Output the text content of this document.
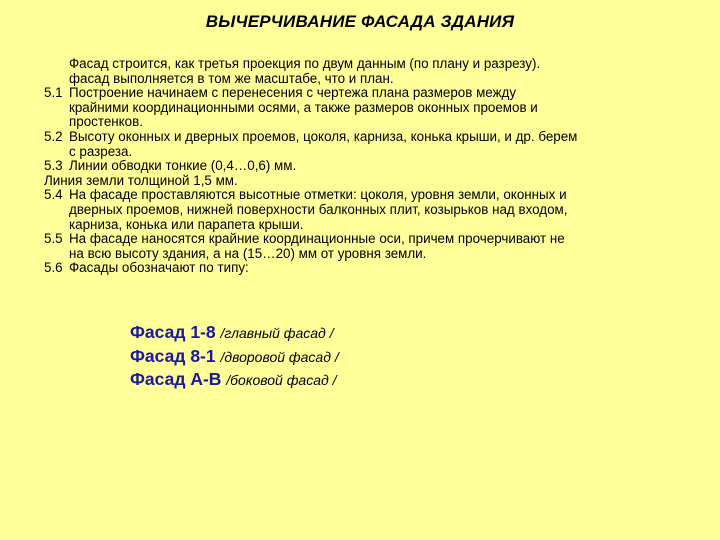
ВЫЧЕРЧИВАНИЕ ФАСАДА ЗДАНИЯ

Фасад строится, как третья проекция по двум данным (по плану и разрезу).

фасад выполняется в том же масштабе, что и план.

5.1 Построение начинаем с перенесения с чертежа плана размеров между
крайними координационными осями, а также размеров оконных проемов и
простенков.
5.2 Высоту оконных и дверных проемов, цоколя, карниза, конька крыши, и др. берем
с разреза.
5.3 Линии обводки тонкие (0,4…0,6) мм.

Линия земли толщиной 1,5 мм.

5.4 На фасаде проставляются высотные отметки: цоколя, уровня земли, оконных и
дверных проемов, нижней поверхности балконных плит, козырьков над входом,
карниза, конька или парапета крыши.
5.5 На фасаде наносятся крайние координационные оси, причем прочерчивают не
на всю высоту здания, а на (15…20) мм от уровня земли.
5.6 Фасады обозначают по типу:
Фасад 1-8 /главный фасад /
Фасад 8-1 /дворовой фасад /
Фасад А-В /боковой фасад /
